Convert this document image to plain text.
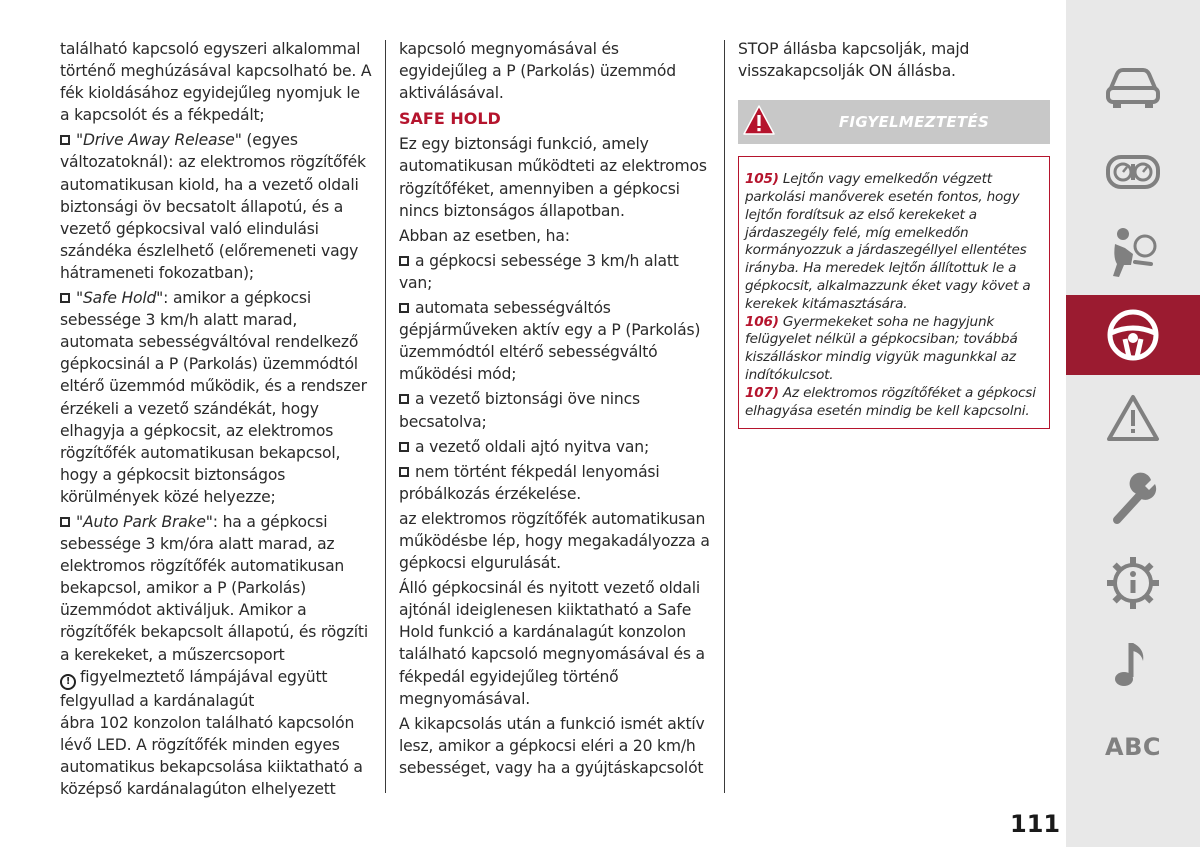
található kapcsoló egyszeri alkalommal történő meghúzásával kapcsolható be. A fék kioldásához egyidejűleg nyomjuk le a kapcsolót és a fékpedált;

"Drive Away Release" (egyes változatoknál): az elektromos rögzítőfék automatikusan kiold, ha a vezető oldali biztonsági öv becsatolt állapotú, és a vezető gépkocsival való elindulási szándéka észlelhető (előremeneti vagy hátrameneti fokozatban);

"Safe Hold": amikor a gépkocsi sebessége 3 km/h alatt marad, automata sebességváltóval rendelkező gépkocsinál a P (Parkolás) üzemmódtól eltérő üzemmód működik, és a rendszer érzékeli a vezető szándékát, hogy elhagyja a gépkocsit, az elektromos rögzítőfék automatikusan bekapcsol, hogy a gépkocsit biztonságos körülmények közé helyezze;

"Auto Park Brake": ha a gépkocsi sebessége 3 km/óra alatt marad, az elektromos rögzítőfék automatikusan bekapcsol, amikor a P (Parkolás) üzemmódot aktiváljuk. Amikor a rögzítőfék bekapcsolt állapotú, és rögzíti a kerekeket, a műszercsoport
! figyelmeztető lámpájával együtt felgyullad a kardánalagút
ábra 102 konzolon található kapcsolón lévő LED. A rögzítőfék minden egyes automatikus bekapcsolása kiiktatható a középső kardánalagúton elhelyezett

kapcsoló megnyomásával és egyidejűleg a P (Parkolás) üzemmód aktiválásával.

SAFE HOLD

Ez egy biztonsági funkció, amely automatikusan működteti az elektromos rögzítőféket, amennyiben a gépkocsi nincs biztonságos állapotban.

Abban az esetben, ha:

a gépkocsi sebessége 3 km/h alatt van;

automata sebességváltós gépjárműveken aktív egy a P (Parkolás) üzemmódtól eltérő sebességváltó működési mód;

a vezető biztonsági öve nincs becsatolva;

a vezető oldali ajtó nyitva van;

nem történt fékpedál lenyomási próbálkozás érzékelése.

az elektromos rögzítőfék automatikusan működésbe lép, hogy megakadályozza a gépkocsi elgurulását.

Álló gépkocsinál és nyitott vezető oldali ajtónál ideiglenesen kiiktatható a Safe Hold funkció a kardánalagút konzolon található kapcsoló megnyomásával és a fékpedál egyidejűleg történő megnyomásával.

A kikapcsolás után a funkció ismét aktív lesz, amikor a gépkocsi eléri a 20 km/h sebességet, vagy ha a gyújtáskapcsolót

STOP állásba kapcsolják, majd visszakapcsolják ON állásba.

FIGYELMEZTETÉS

105) Lejtőn vagy emelkedőn végzett parkolási manőverek esetén fontos, hogy lejtőn fordítsuk az első kerekeket a járdaszegély felé, míg emelkedőn kormányozzuk a járdaszegéllyel ellentétes irányba. Ha meredek lejtőn állítottuk le a gépkocsit, alkalmazzunk éket vagy követ a kerekek kitámasztására.

106) Gyermekeket soha ne hagyjunk felügyelet nélkül a gépkocsiban; továbbá kiszálláskor mindig vigyük magunkkal az indítókulcsot.

107) Az elektromos rögzítőféket a gépkocsi elhagyása esetén mindig be kell kapcsolni.

ABC
111
